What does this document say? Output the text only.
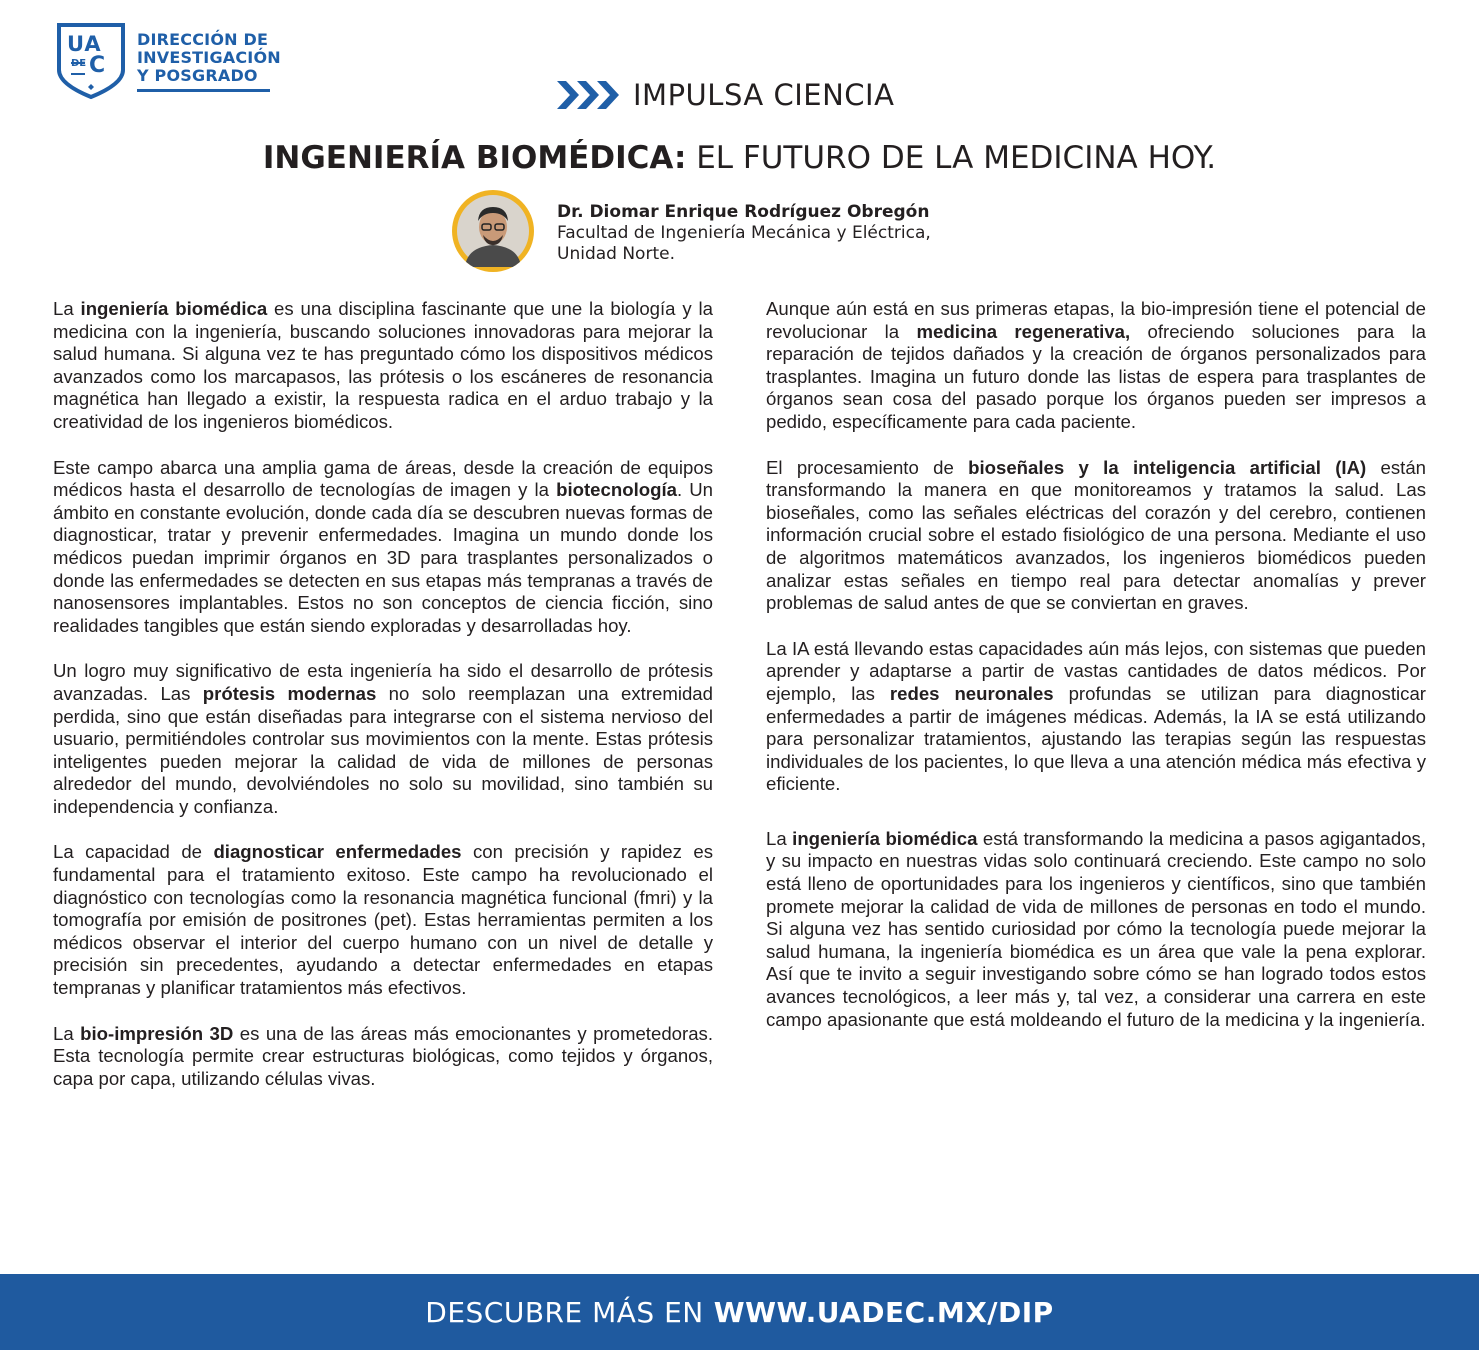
UA
DE C
DIRECCIÓN DE
INVESTIGACIÓN
Y POSGRADO
IMPULSA CIENCIA
INGENIERÍA BIOMÉDICA: EL FUTURO DE LA MEDICINA HOY.
Dr. Diomar Enrique Rodríguez Obregón
Facultad de Ingeniería Mecánica y Eléctrica,
Unidad Norte.

La ingeniería biomédica es una disciplina fascinante que une la biología y la medicina con la ingeniería, buscando soluciones innovadoras para mejorar la salud humana. Si alguna vez te has preguntado cómo los dispositivos médicos avanzados como los marcapasos, las prótesis o los escáneres de resonancia magnética han llegado a existir, la respuesta radica en el arduo trabajo y la creatividad de los ingenieros biomédicos.

Este campo abarca una amplia gama de áreas, desde la creación de equipos médicos hasta el desarrollo de tecnologías de imagen y la biotecnología. Un ámbito en constante evolución, donde cada día se descubren nuevas formas de diagnosticar, tratar y prevenir enfermedades. Imagina un mundo donde los médicos puedan imprimir órganos en 3D para trasplantes personalizados o donde las enfermedades se detecten en sus etapas más tempranas a través de nanosensores implantables. Estos no son conceptos de ciencia ficción, sino realidades tangibles que están siendo exploradas y desarrolladas hoy.

Un logro muy significativo de esta ingeniería ha sido el desarrollo de prótesis avanzadas. Las prótesis modernas no solo reemplazan una extremidad perdida, sino que están diseñadas para integrarse con el sistema nervioso del usuario, permitiéndoles controlar sus movimientos con la mente. Estas prótesis inteligentes pueden mejorar la calidad de vida de millones de personas alrededor del mundo, devolviéndoles no solo su movilidad, sino también su independencia y confianza.

La capacidad de diagnosticar enfermedades con precisión y rapidez es fundamental para el tratamiento exitoso. Este campo ha revolucionado el diagnóstico con tecnologías como la resonancia magnética funcional (fmri) y la tomografía por emisión de positrones (pet). Estas herramientas permiten a los médicos observar el interior del cuerpo humano con un nivel de detalle y precisión sin precedentes, ayudando a detectar enfermedades en etapas tempranas y planificar tratamientos más efectivos.

La bio-impresión 3D es una de las áreas más emocionantes y prometedoras. Esta tecnología permite crear estructuras biológicas, como tejidos y órganos, capa por capa, utilizando células vivas.

Aunque aún está en sus primeras etapas, la bio-impresión tiene el potencial de revolucionar la medicina regenerativa, ofreciendo soluciones para la reparación de tejidos dañados y la creación de órganos personalizados para trasplantes. Imagina un futuro donde las listas de espera para trasplantes de órganos sean cosa del pasado porque los órganos pueden ser impresos a pedido, específicamente para cada paciente.

El procesamiento de bioseñales y la inteligencia artificial (IA) están transformando la manera en que monitoreamos y tratamos la salud. Las bioseñales, como las señales eléctricas del corazón y del cerebro, contienen información crucial sobre el estado fisiológico de una persona. Mediante el uso de algoritmos matemáticos avanzados, los ingenieros biomédicos pueden analizar estas señales en tiempo real para detectar anomalías y prever problemas de salud antes de que se conviertan en graves.

La IA está llevando estas capacidades aún más lejos, con sistemas que pueden aprender y adaptarse a partir de vastas cantidades de datos médicos. Por ejemplo, las redes neuronales profundas se utilizan para diagnosticar enfermedades a partir de imágenes médicas. Además, la IA se está utilizando para personalizar tratamientos, ajustando las terapias según las respuestas individuales de los pacientes, lo que lleva a una atención médica más efectiva y eficiente.

La ingeniería biomédica está transformando la medicina a pasos agigantados, y su impacto en nuestras vidas solo continuará creciendo. Este campo no solo está lleno de oportunidades para los ingenieros y científicos, sino que también promete mejorar la calidad de vida de millones de personas en todo el mundo. Si alguna vez has sentido curiosidad por cómo la tecnología puede mejorar la salud humana, la ingeniería biomédica es un área que vale la pena explorar. Así que te invito a seguir investigando sobre cómo se han logrado todos estos avances tecnológicos, a leer más y, tal vez, a considerar una carrera en este campo apasionante que está moldeando el futuro de la medicina y la ingeniería.

DESCUBRE MÁS EN WWW.UADEC.MX/DIP
